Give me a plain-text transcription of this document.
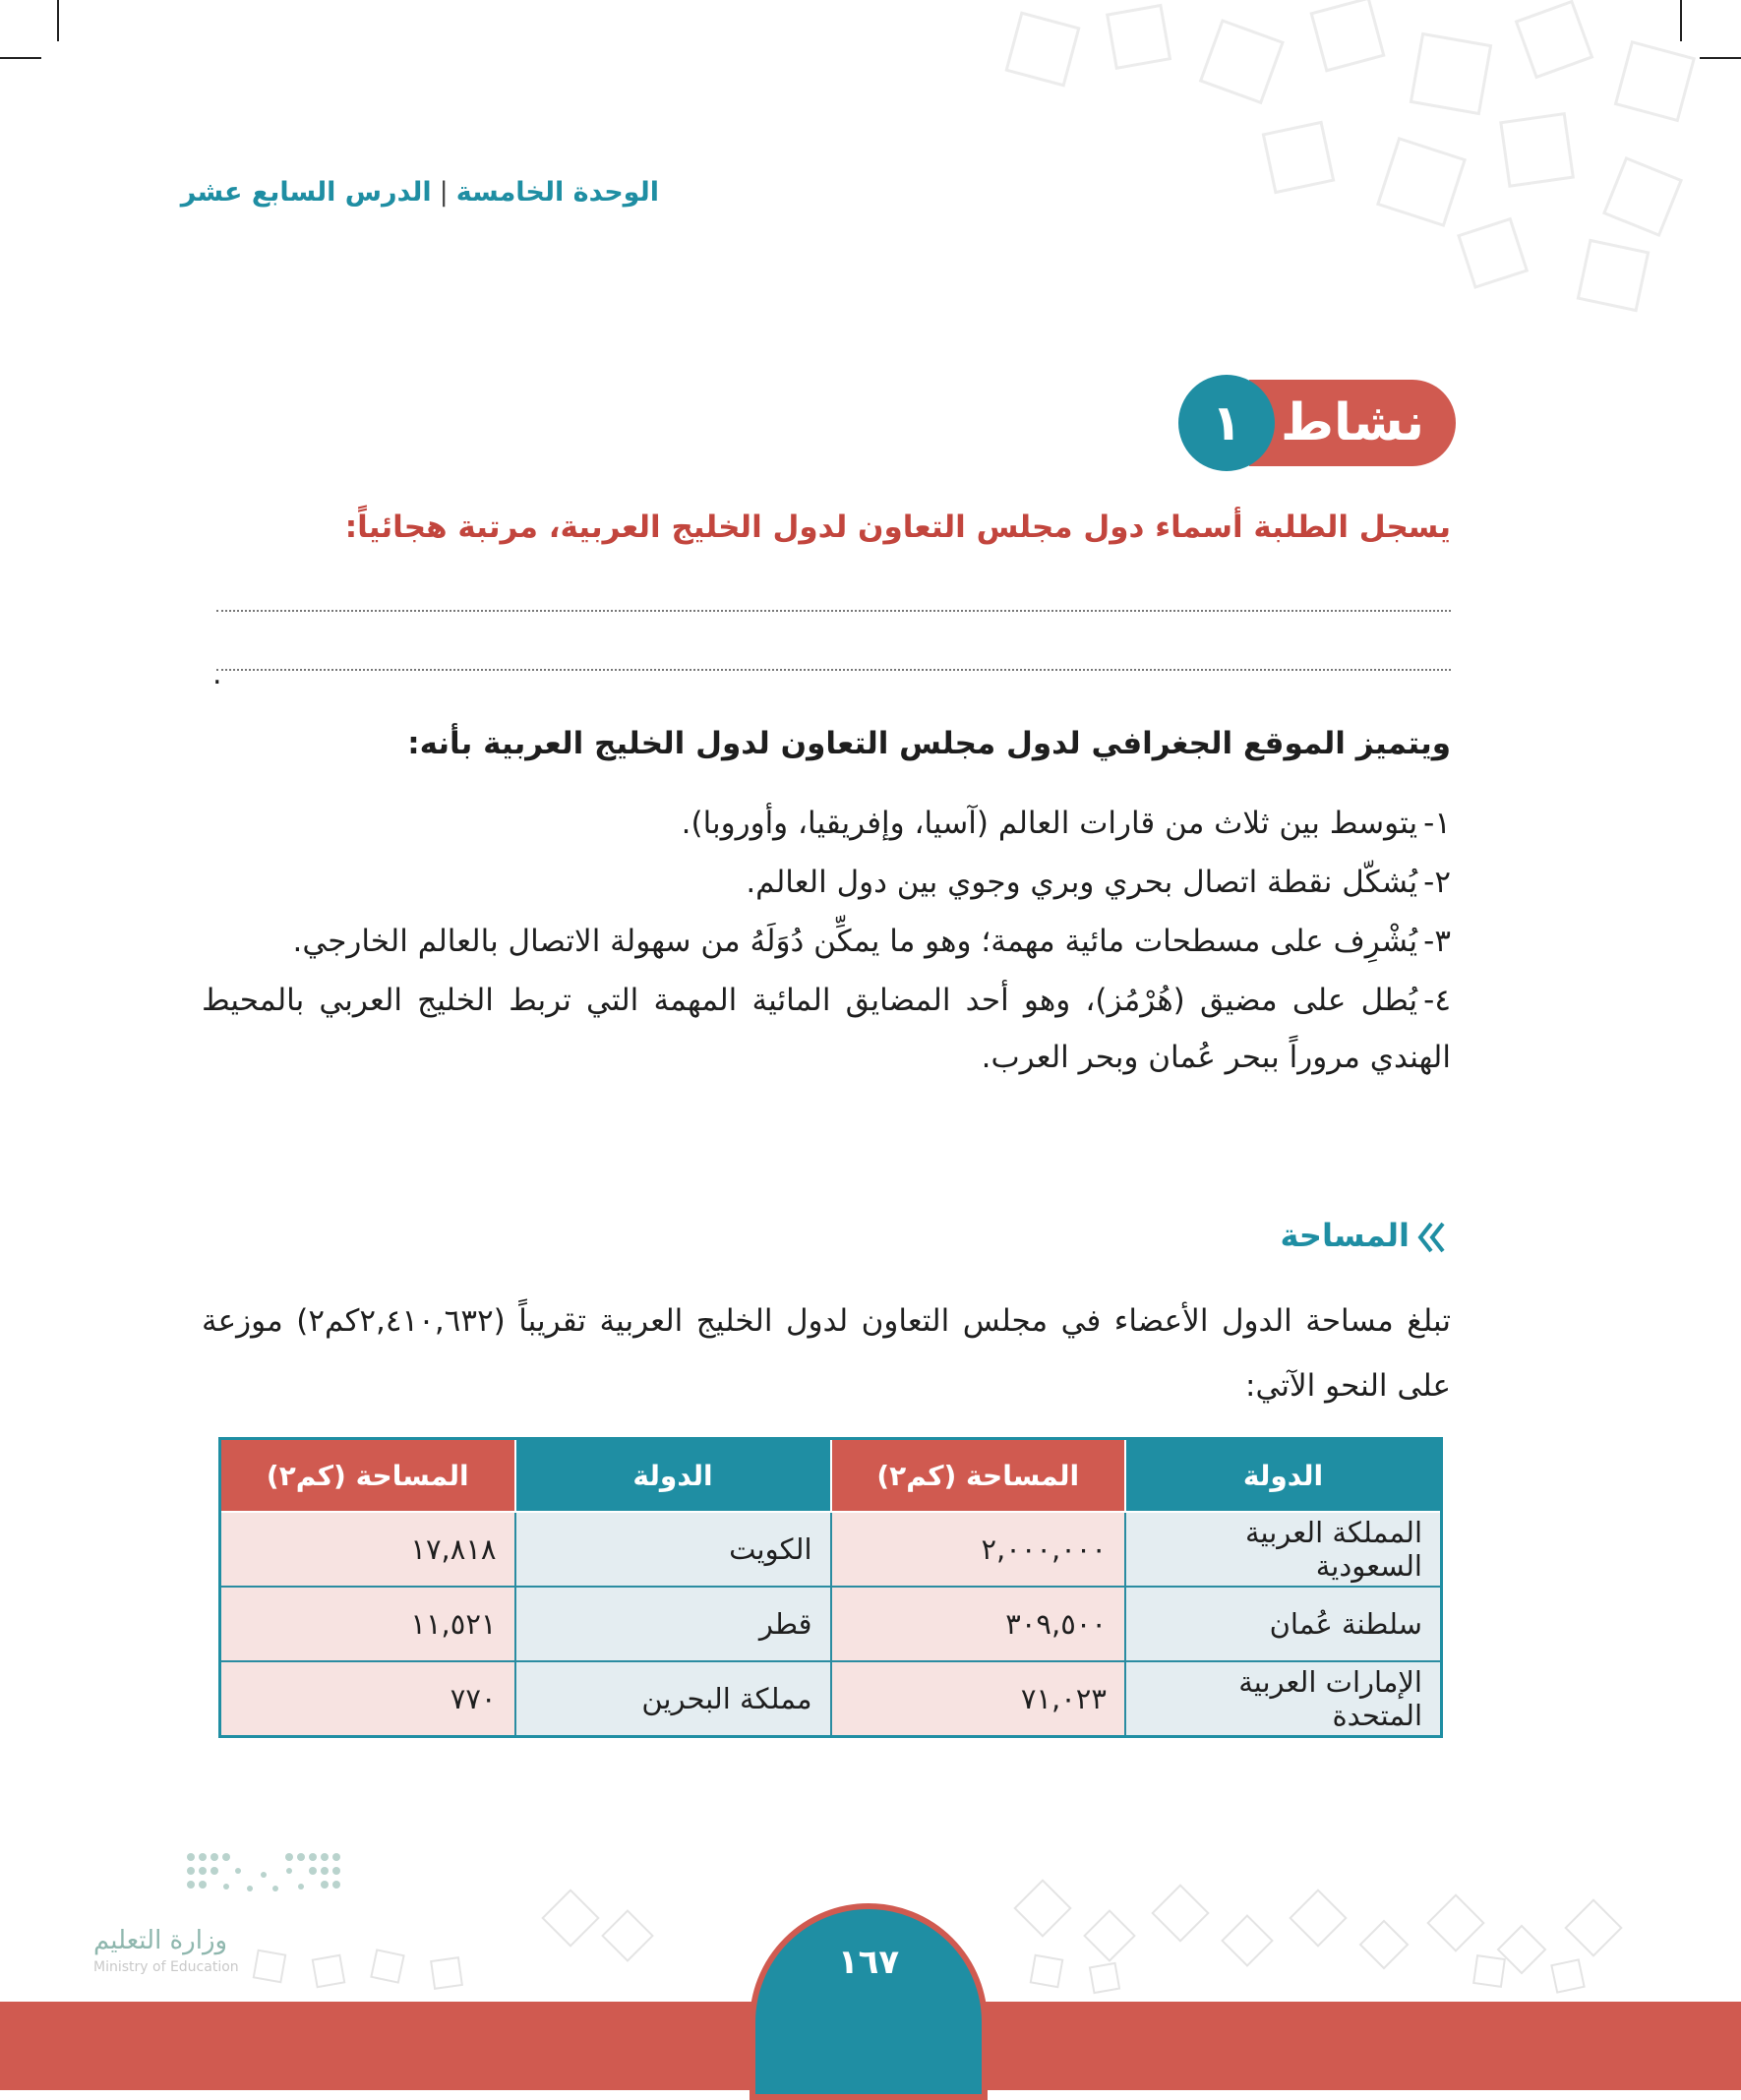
الوحدة الخامسة|الدرس السابع عشر
نشاط
١
يسجل الطلبة أسماء دول مجلس التعاون لدول الخليج العربية، مرتبة هجائياً:
.
ويتميز الموقع الجغرافي لدول مجلس التعاون لدول الخليج العربية بأنه:
١-يتوسط بين ثلاث من قارات العالم (آسيا، وإفريقيا، وأوروبا).
٢-يُشكّل نقطة اتصال بحري وبري وجوي بين دول العالم.
٣-يُشْرِف على مسطحات مائية مهمة؛ وهو ما يمكِّن دُوَلَهُ من سهولة الاتصال بالعالم الخارجي.
٤-يُطل على مضيق (هُرْمُز)، وهو أحد المضايق المائية المهمة التي تربط الخليج العربي بالمحيط الهندي مروراً ببحر عُمان وبحر العرب.
المساحة
تبلغ مساحة الدول الأعضاء في مجلس التعاون لدول الخليج العربية تقريباً (٢,٤١٠,٦٣٢كم٢) موزعة على النحو الآتي:
الدولة	المساحة (كم٢)	الدولة	المساحة (كم٢)
المملكة العربية السعودية	٢,٠٠٠,٠٠٠	الكويت	١٧,٨١٨
سلطنة عُمان	٣٠٩,٥٠٠	قطر	١١,٥٢١
الإمارات العربية المتحدة	٧١,٠٢٣	مملكة البحرين	٧٧٠
وزارة التعليم
Ministry of Education	١٦٧
